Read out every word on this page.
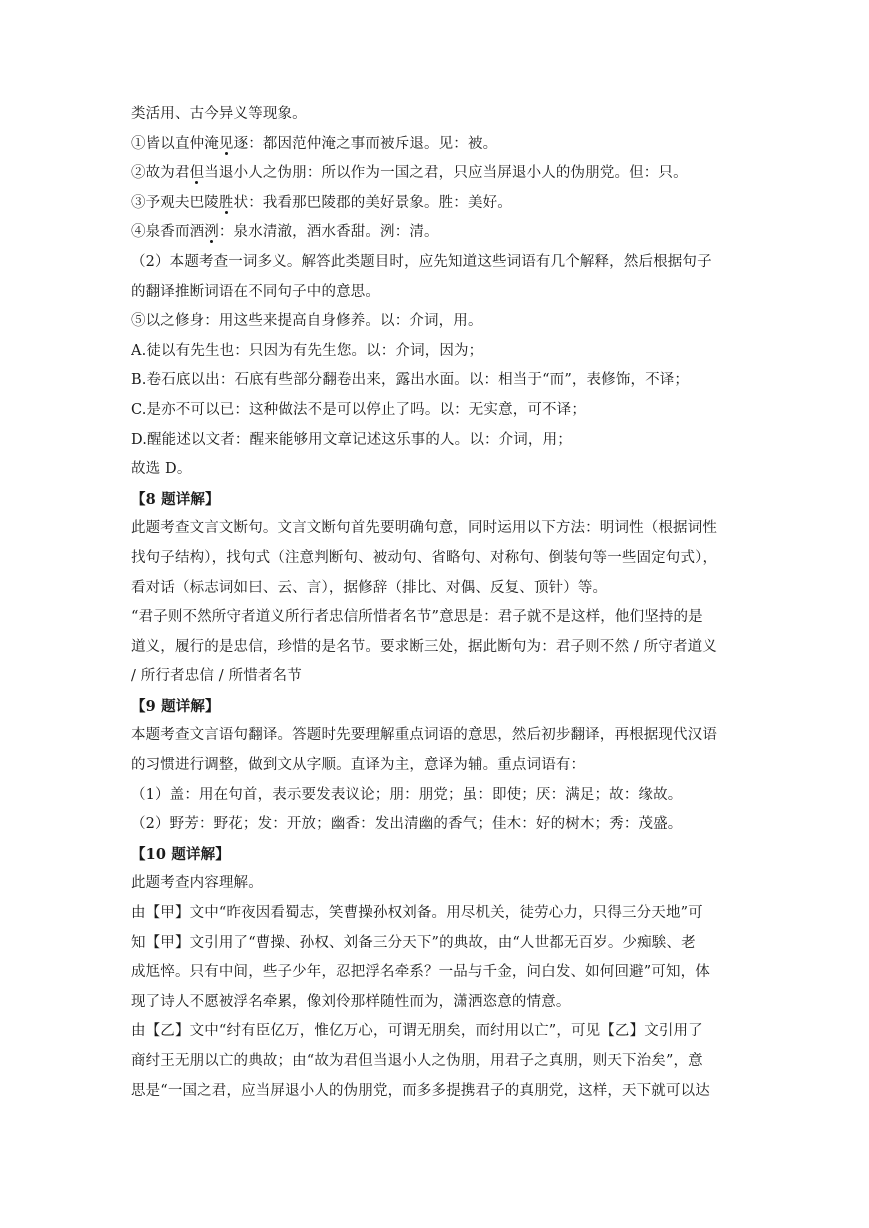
类活用、古今异义等现象。
①皆以直仲淹见逐：都因范仲淹之事而被斥退。见：被。
②故为君但当退小人之伪朋：所以作为一国之君，只应当屏退小人的伪朋党。但：只。
③予观夫巴陵胜状：我看那巴陵郡的美好景象。胜：美好。
④泉香而酒洌：泉水清澈，酒水香甜。洌：清。
（2）本题考查一词多义。解答此类题目时，应先知道这些词语有几个解释，然后根据句子
的翻译推断词语在不同句子中的意思。
⑤以之修身：用这些来提高自身修养。以：介词，用。
A.徒以有先生也：只因为有先生您。以：介词，因为；
B.卷石底以出：石底有些部分翻卷出来，露出水面。以：相当于“而”，表修饰，不译；
C.是亦不可以已：这种做法不是可以停止了吗。以：无实意，可不译；
D.醒能述以文者：醒来能够用文章记述这乐事的人。以：介词，用；
故选 D。
【8 题详解】
此题考查文言文断句。文言文断句首先要明确句意，同时运用以下方法：明词性（根据词性
找句子结构），找句式（注意判断句、被动句、省略句、对称句、倒装句等一些固定句式），
看对话（标志词如曰、云、言），据修辞（排比、对偶、反复、顶针）等。
“君子则不然所守者道义所行者忠信所惜者名节”意思是：君子就不是这样，他们坚持的是
道义，履行的是忠信，珍惜的是名节。要求断三处，据此断句为：君子则不然 / 所守者道义
/ 所行者忠信 / 所惜者名节
【9 题详解】
本题考查文言语句翻译。答题时先要理解重点词语的意思，然后初步翻译，再根据现代汉语
的习惯进行调整，做到文从字顺。直译为主，意译为辅。重点词语有：
（1）盖：用在句首，表示要发表议论；朋：朋党；虽：即使；厌：满足；故：缘故。
（2）野芳：野花；发：开放；幽香：发出清幽的香气；佳木：好的树木；秀：茂盛。
【10 题详解】
此题考查内容理解。
由【甲】文中“昨夜因看蜀志，笑曹操孙权刘备。用尽机关，徒劳心力，只得三分天地”可
知【甲】文引用了“曹操、孙权、刘备三分天下”的典故，由“人世都无百岁。少痴騃、老
成尪悴。只有中间，些子少年，忍把浮名牵系？一品与千金，问白发、如何回避”可知，体
现了诗人不愿被浮名牵累，像刘伶那样随性而为，潇洒恣意的情意。
由【乙】文中“纣有臣亿万，惟亿万心，可谓无朋矣，而纣用以亡”，可见【乙】文引用了
商纣王无朋以亡的典故；由“故为君但当退小人之伪朋，用君子之真朋，则天下治矣”，意
思是“一国之君，应当屏退小人的伪朋党，而多多提携君子的真朋党，这样，天下就可以达
